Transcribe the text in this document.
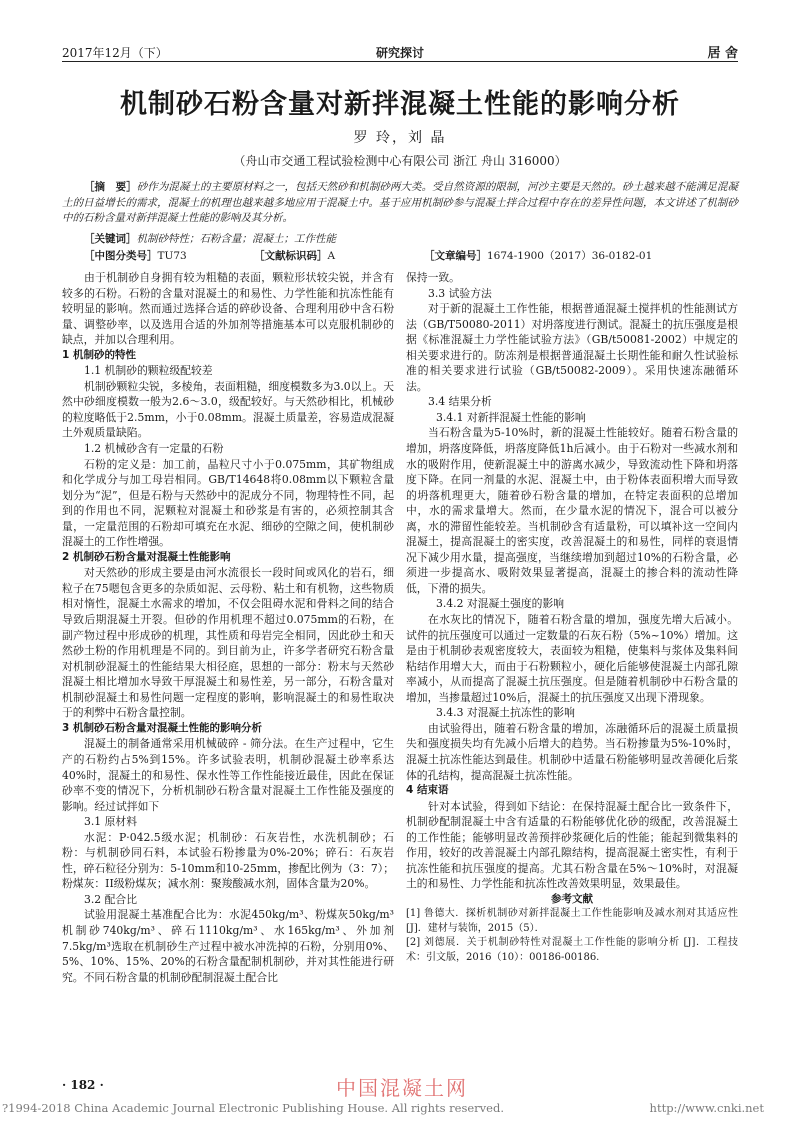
2017年12月（下）	研究探讨	居 舍
机制砂石粉含量对新拌混凝土性能的影响分析
罗 玲，刘 晶
（舟山市交通工程试验检测中心有限公司 浙江 舟山 316000）
［摘　要］砂作为混凝土的主要原材料之一，包括天然砂和机制砂两大类。受自然资源的限制，河沙主要是天然的。砂土越来越不能满足混凝土的日益增长的需求，混凝土的机理也越来越多地应用于混凝土中。基于应用机制砂参与混凝土拌合过程中存在的差异性问题，本文讲述了机制砂中的石粉含量对新拌混凝土性能的影响及其分析。
［关键词］机制砂特性；石粉含量；混凝土；工作性能
［中图分类号］TU73	［文献标识码］A	［文章编号］1674-1900（2017）36-0182-01

由于机制砂自身拥有较为粗糙的表面，颗粒形状较尖锐，并含有较多的石粉。石粉的含量对混凝土的和易性、力学性能和抗冻性能有较明显的影响。然而通过选择合适的碎砂设备、合理利用砂中含石粉量、调整砂率，以及选用合适的外加剂等措施基本可以克服机制砂的缺点，并加以合理利用。

1 机制砂的特性

1.1 机制砂的颗粒级配较差

机制砂颗粒尖锐，多棱角，表面粗糙，细度模数多为3.0以上。天然中砂细度模数一般为2.6～3.0，级配较好。与天然砂相比，机械砂的粒度略低于2.5mm，小于0.08mm。混凝土质量差，容易造成混凝土外观质量缺陷。

1.2 机械砂含有一定量的石粉

石粉的定义是：加工前，晶粒尺寸小于0.075mm，其矿物组成和化学成分与加工母岩相同。GB/T14648将0.08mm以下颗粒含量划分为“泥”，但是石粉与天然砂中的泥成分不同，物理特性不同，起到的作用也不同，泥颗粒对混凝土和砂浆是有害的，必须控制其含量，一定量范围的石粉却可填充在水泥、细砂的空隙之间，使机制砂混凝土的工作性增强。

2 机制砂石粉含量对混凝土性能影响

对天然砂的形成主要是由河水流很长一段时间或风化的岩石，细粒子在75嗯包含更多的杂质如泥、云母粉、粘土和有机物，这些物质相对惰性，混凝土水需求的增加，不仅会阻碍水泥和骨料之间的结合导致后期混凝土开裂。但砂的作用机理不超过0.075mm的石粉，在副产物过程中形成砂的机理，其性质和母岩完全相同，因此砂土和天然砂土粉的作用机理是不同的。到目前为止，许多学者研究石粉含量对机制砂混凝土的性能结果大相径庭，思想的一部分：粉末与天然砂混凝土相比增加水导致干厚混凝土和易性差，另一部分，石粉含量对机制砂混凝土和易性问题一定程度的影响，影响混凝土的和易性取决于的利弊中石粉含量控制。

3 机制砂石粉含量对混凝土性能的影响分析

混凝土的制备通常采用机械破碎 - 筛分法。在生产过程中，它生产的石粉约占5%到15%。许多试验表明，机制砂混凝土砂率系达40%时，混凝土的和易性、保水性等工作性能接近最佳，因此在保证砂率不变的情况下，分析机制砂石粉含量对混凝土工作性能及强度的影响。经过试拌如下

3.1 原材料

水泥：P·042.5级水泥；机制砂：石灰岩性，水洗机制砂；石粉：与机制砂同石料，本试验石粉掺量为0%-20%；碎石：石灰岩性，碎石粒径分别为：5-10mm和10-25mm，掺配比例为（3：7）；粉煤灰：II级粉煤灰；减水剂：聚羧酸减水剂，固体含量为20%。

3.2 配合比

试验用混凝土基准配合比为：水泥450kg/m³、粉煤灰50kg/m³机制砂740kg/m³、碎石1110kg/m³、水165kg/m³、外加剂7.5kg/m³选取在机制砂生产过程中被水冲洗掉的石粉，分别用0%、5%、10%、15%、20%的石粉含量配制机制砂，并对其性能进行研究。不同石粉含量的机制砂配制混凝土配合比

保持一致。

3.3 试验方法

对于新的混凝土工作性能，根据普通混凝土搅拌机的性能测试方法（GB/T50080-2011）对坍落度进行测试。混凝土的抗压强度是根据《标准混凝土力学性能试验方法》（GB/t50081-2002）中规定的相关要求进行的。防冻剂是根据普通混凝土长期性能和耐久性试验标准的相关要求进行试验（GB/t50082-2009）。采用快速冻融循环法。

3.4 结果分析

3.4.1 对新拌混凝土性能的影响

当石粉含量为5-10%时，新的混凝土性能较好。随着石粉含量的增加，坍落度降低，坍落度降低1h后减小。由于石粉对一些减水剂和水的吸附作用，使新混凝土中的游离水减少，导致流动性下降和坍落度下降。在同一剂量的水泥、混凝土中，由于粉体表面积增大而导致的坍落机理更大，随着砂石粉含量的增加，在特定表面积的总增加中，水的需求量增大。然而，在少量水泥的情况下，混合可以被分离，水的滞留性能较差。当机制砂含有适量粉，可以填补这一空间内混凝土，提高混凝土的密实度，改善混凝土的和易性，同样的衰退情况下减少用水量，提高强度，当继续增加到超过10%的石粉含量，必须进一步提高水、吸附效果显著提高，混凝土的掺合料的流动性降低，下滑的损失。

3.4.2 对混凝土强度的影响

在水灰比的情况下，随着石粉含量的增加，强度先增大后减小。试件的抗压强度可以通过一定数量的石灰石粉（5%~10%）增加。这是由于机制砂表观密度较大，表面较为粗糙，使集料与浆体及集料间粘结作用增大大，而由于石粉颗粒小，硬化后能够使混凝土内部孔隙率减小，从而提高了混凝土抗压强度。但是随着机制砂中石粉含量的增加，当掺量超过10%后，混凝土的抗压强度又出现下滑现象。

3.4.3 对混凝土抗冻性的影响

由试验得出，随着石粉含量的增加，冻融循环后的混凝土质量损失和强度损失均有先减小后增大的趋势。当石粉掺量为5%-10%时，混凝土抗冻性能达到最佳。机制砂中适量石粉能够明显改善硬化后浆体的孔结构，提高混凝土抗冻性能。

4 结束语

针对本试验，得到如下结论：在保持混凝土配合比一致条件下，机制砂配制混凝土中含有适量的石粉能够优化砂的级配，改善混凝土的工作性能；能够明显改善预拌砂浆硬化后的性能；能起到微集料的作用，较好的改善混凝土内部孔隙结构，提高混凝土密实性，有利于抗冻性能和抗压强度的提高。尤其石粉含量在5%～10%时，对混凝土的和易性、力学性能和抗冻性改善效果明显，效果最佳。

参考文献

[1] 鲁德大．探析机制砂对新拌混凝土工作性能影响及减水剂对其适应性[J]．建材与装饰，2015（5）．

[2] 刘德展．关于机制砂特性对混凝土工作性能的影响分析 [J]．工程技术：引文版，2016（10）：00186-00186.

· 182 ·	中国混凝土网
?1994-2018 China Academic Journal Electronic Publishing House. All rights reserved.	http://www.cnki.net
